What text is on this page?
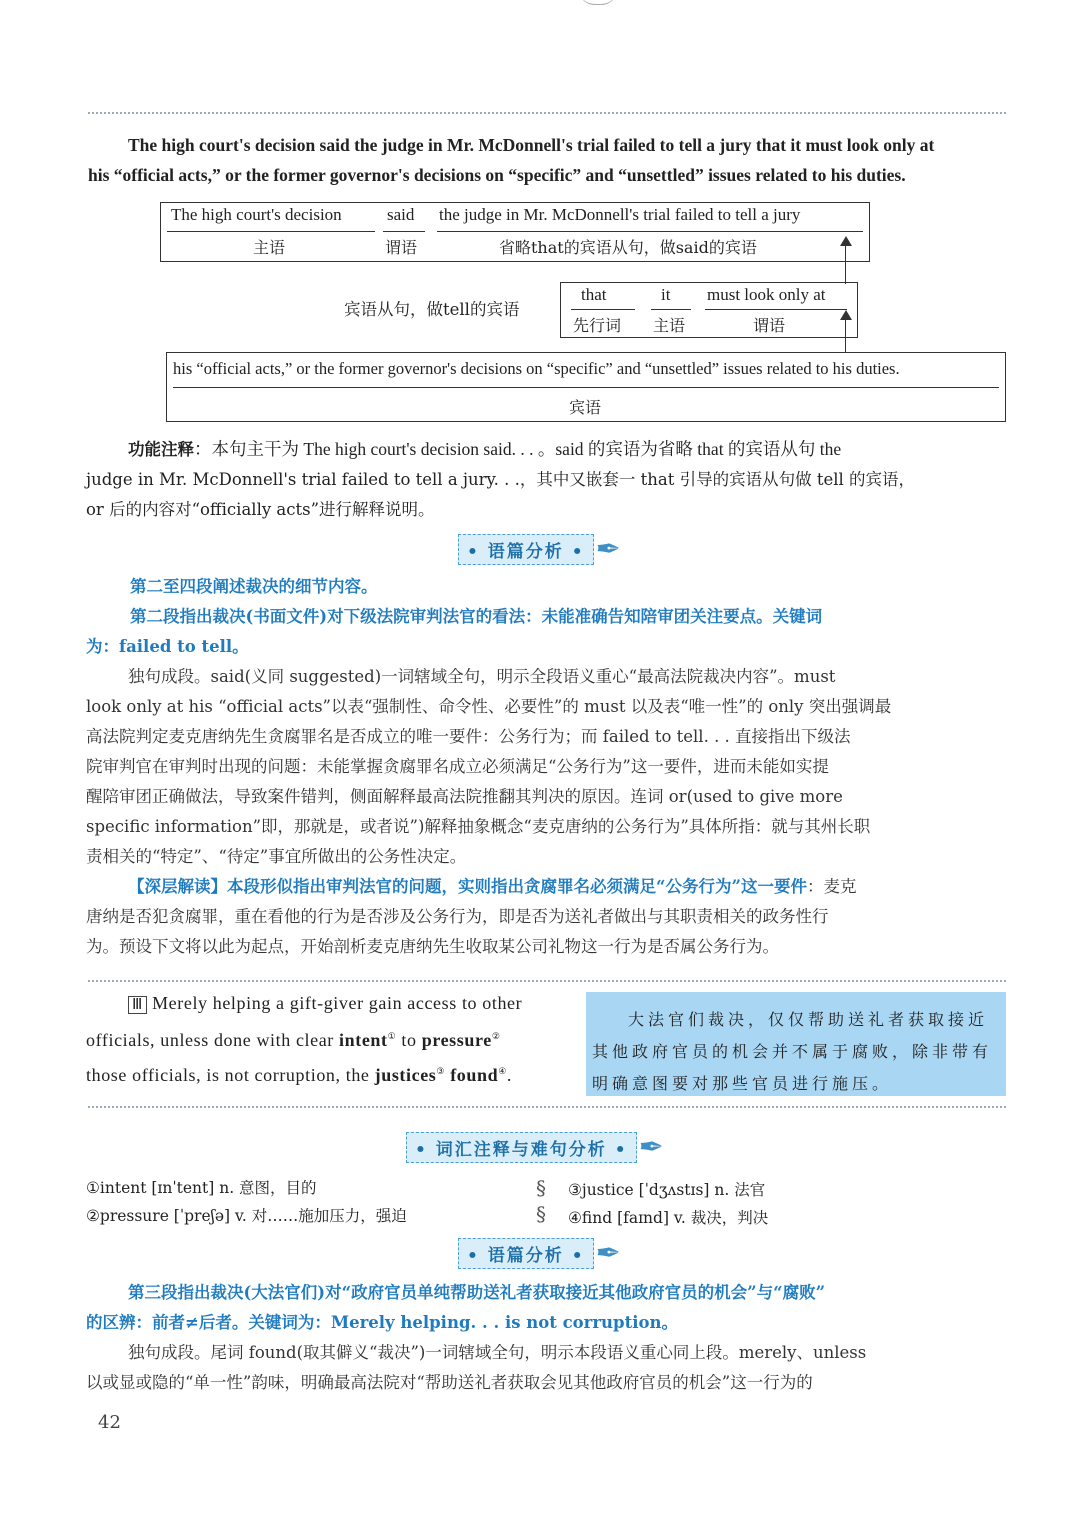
The high court's decision said the judge in Mr. McDonnell's trial failed to tell a jury that it must look only at
his “official acts,” or the former governor's decisions on “specific” and “unsettled” issues related to his duties.
The high court's decision
主语
said
谓语
the judge in Mr. McDonnell's trial failed to tell a jury
省略that的宾语从句，做said的宾语
宾语从句，做tell的宾语
that
先行词
it
主语
must look only at
谓语
his “official acts,” or the former governor's decisions on “specific” and “unsettled” issues related to his duties.
宾语
功能注释：本句主干为 The high court's decision said. . . 。said 的宾语为省略 that 的宾语从句 the
judge in Mr. McDonnell's trial failed to tell a jury. . .，其中又嵌套一 that 引导的宾语从句做 tell 的宾语，
or 后的内容对“officially acts”进行解释说明。
• 语篇分析 • ✒
第二至四段阐述裁决的细节内容。
第二段指出裁决(书面文件)对下级法院审判法官的看法：未能准确告知陪审团关注要点。关键词
为：failed to tell。
独句成段。said(义同 suggested)一词辖域全句，明示全段语义重心“最高法院裁决内容”。must
look only at his “official acts”以表“强制性、命令性、必要性”的 must 以及表“唯一性”的 only 突出强调最
高法院判定麦克唐纳先生贪腐罪名是否成立的唯一要件：公务行为；而 failed to tell. . . 直接指出下级法
院审判官在审判时出现的问题：未能掌握贪腐罪名成立必须满足“公务行为”这一要件，进而未能如实提
醒陪审团正确做法，导致案件错判，侧面解释最高法院推翻其判决的原因。连词 or(used to give more
specific information”即，那就是，或者说”)解释抽象概念“麦克唐纳的公务行为”具体所指：就与其州长职
责相关的“特定”、“待定”事宜所做出的公务性决定。
【深层解读】本段形似指出审判法官的问题，实则指出贪腐罪名必须满足“公务行为”这一要件：麦克
唐纳是否犯贪腐罪，重在看他的行为是否涉及公务行为，即是否为送礼者做出与其职责相关的政务性行
为。预设下文将以此为起点，开始剖析麦克唐纳先生收取某公司礼物这一行为是否属公务行为。
Ⅲ Merely helping a gift-giver gain access to other
officials, unless done with clear intent① to pressure②
those officials, is not corruption, the justices③ found④.

大法官们裁决，仅仅帮助送礼者获取接近其他政府官员的机会并不属于腐败，除非带有明确意图要对那些官员进行施压。

• 词汇注释与难句分析 • ✒
①intent [ɪnˈtent] n. 意图，目的
②pressure [ˈpreʃə] v. 对……施加压力，强迫
§
§
③justice [ˈdʒʌstɪs] n. 法官
④find [faɪnd] v. 裁决，判决
• 语篇分析 • ✒
第三段指出裁决(大法官们)对“政府官员单纯帮助送礼者获取接近其他政府官员的机会”与“腐败”
的区辨：前者≠后者。关键词为：Merely helping. . . is not corruption。
独句成段。尾词 found(取其僻义“裁决”)一词辖域全句，明示本段语义重心同上段。merely、unless
以或显或隐的“单一性”韵味，明确最高法院对“帮助送礼者获取会见其他政府官员的机会”这一行为的
42
